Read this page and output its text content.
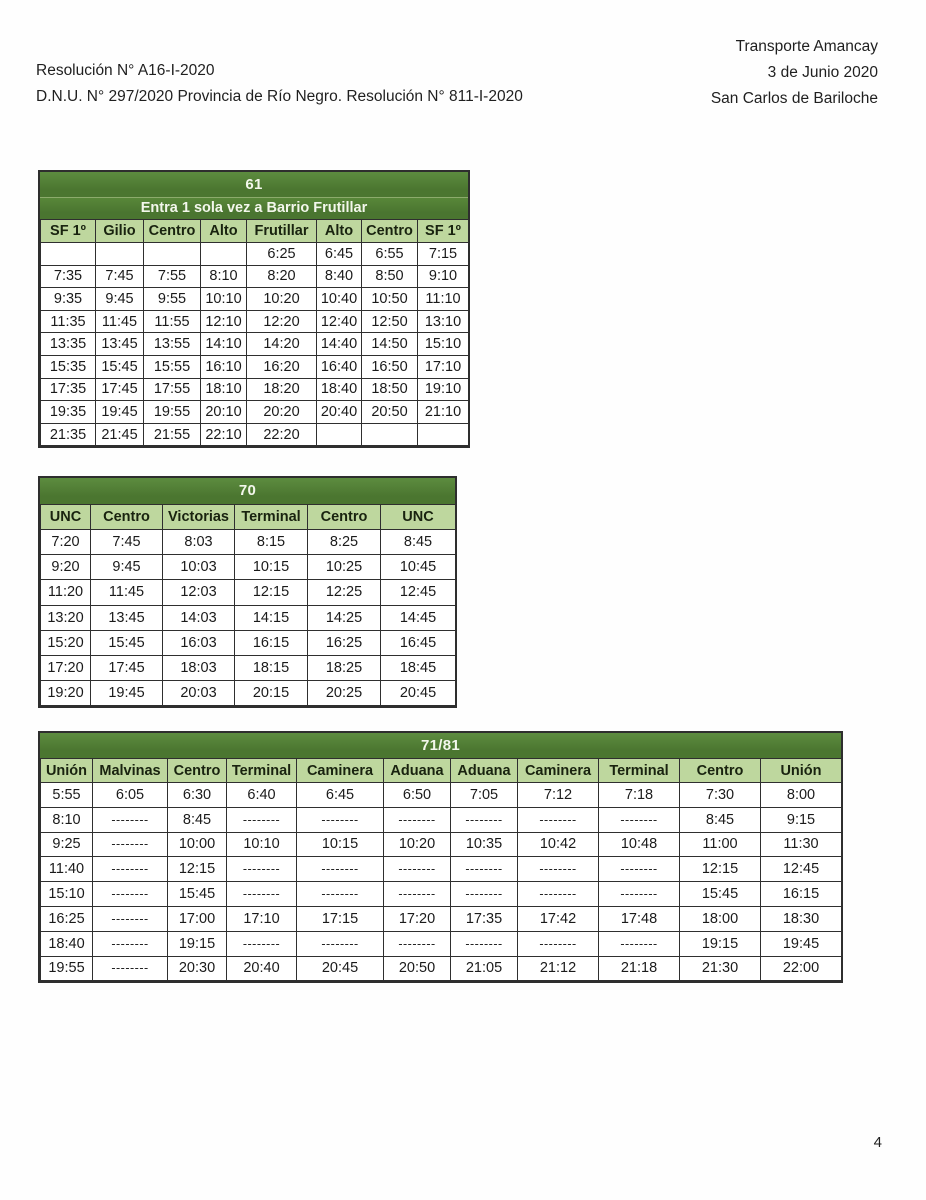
Resolución N° A16-I-2020
D.N.U. N° 297/2020 Provincia de Río Negro. Resolución N° 811-I-2020
Transporte Amancay
3 de Junio 2020
San Carlos de Bariloche
61
Entra 1 sola vez a Barrio Frutillar
SF 1º	Gilio	Centro	Alto	Frutillar	Alto	Centro	SF 1º
				6:25	6:45	6:55	7:15
7:35	7:45	7:55	8:10	8:20	8:40	8:50	9:10
9:35	9:45	9:55	10:10	10:20	10:40	10:50	11:10
11:35	11:45	11:55	12:10	12:20	12:40	12:50	13:10
13:35	13:45	13:55	14:10	14:20	14:40	14:50	15:10
15:35	15:45	15:55	16:10	16:20	16:40	16:50	17:10
17:35	17:45	17:55	18:10	18:20	18:40	18:50	19:10
19:35	19:45	19:55	20:10	20:20	20:40	20:50	21:10
21:35	21:45	21:55	22:10	22:20			
70
UNC	Centro	Victorias	Terminal	Centro	UNC
7:20	7:45	8:03	8:15	8:25	8:45
9:20	9:45	10:03	10:15	10:25	10:45
11:20	11:45	12:03	12:15	12:25	12:45
13:20	13:45	14:03	14:15	14:25	14:45
15:20	15:45	16:03	16:15	16:25	16:45
17:20	17:45	18:03	18:15	18:25	18:45
19:20	19:45	20:03	20:15	20:25	20:45
71/81
Unión	Malvinas	Centro	Terminal	Caminera	Aduana	Aduana	Caminera	Terminal	Centro	Unión
5:55	6:05	6:30	6:40	6:45	6:50	7:05	7:12	7:18	7:30	8:00
8:10	--------	8:45	--------	--------	--------	--------	--------	--------	8:45	9:15
9:25	--------	10:00	10:10	10:15	10:20	10:35	10:42	10:48	11:00	11:30
11:40	--------	12:15	--------	--------	--------	--------	--------	--------	12:15	12:45
15:10	--------	15:45	--------	--------	--------	--------	--------	--------	15:45	16:15
16:25	--------	17:00	17:10	17:15	17:20	17:35	17:42	17:48	18:00	18:30
18:40	--------	19:15	--------	--------	--------	--------	--------	--------	19:15	19:45
19:55	--------	20:30	20:40	20:45	20:50	21:05	21:12	21:18	21:30	22:00
4
